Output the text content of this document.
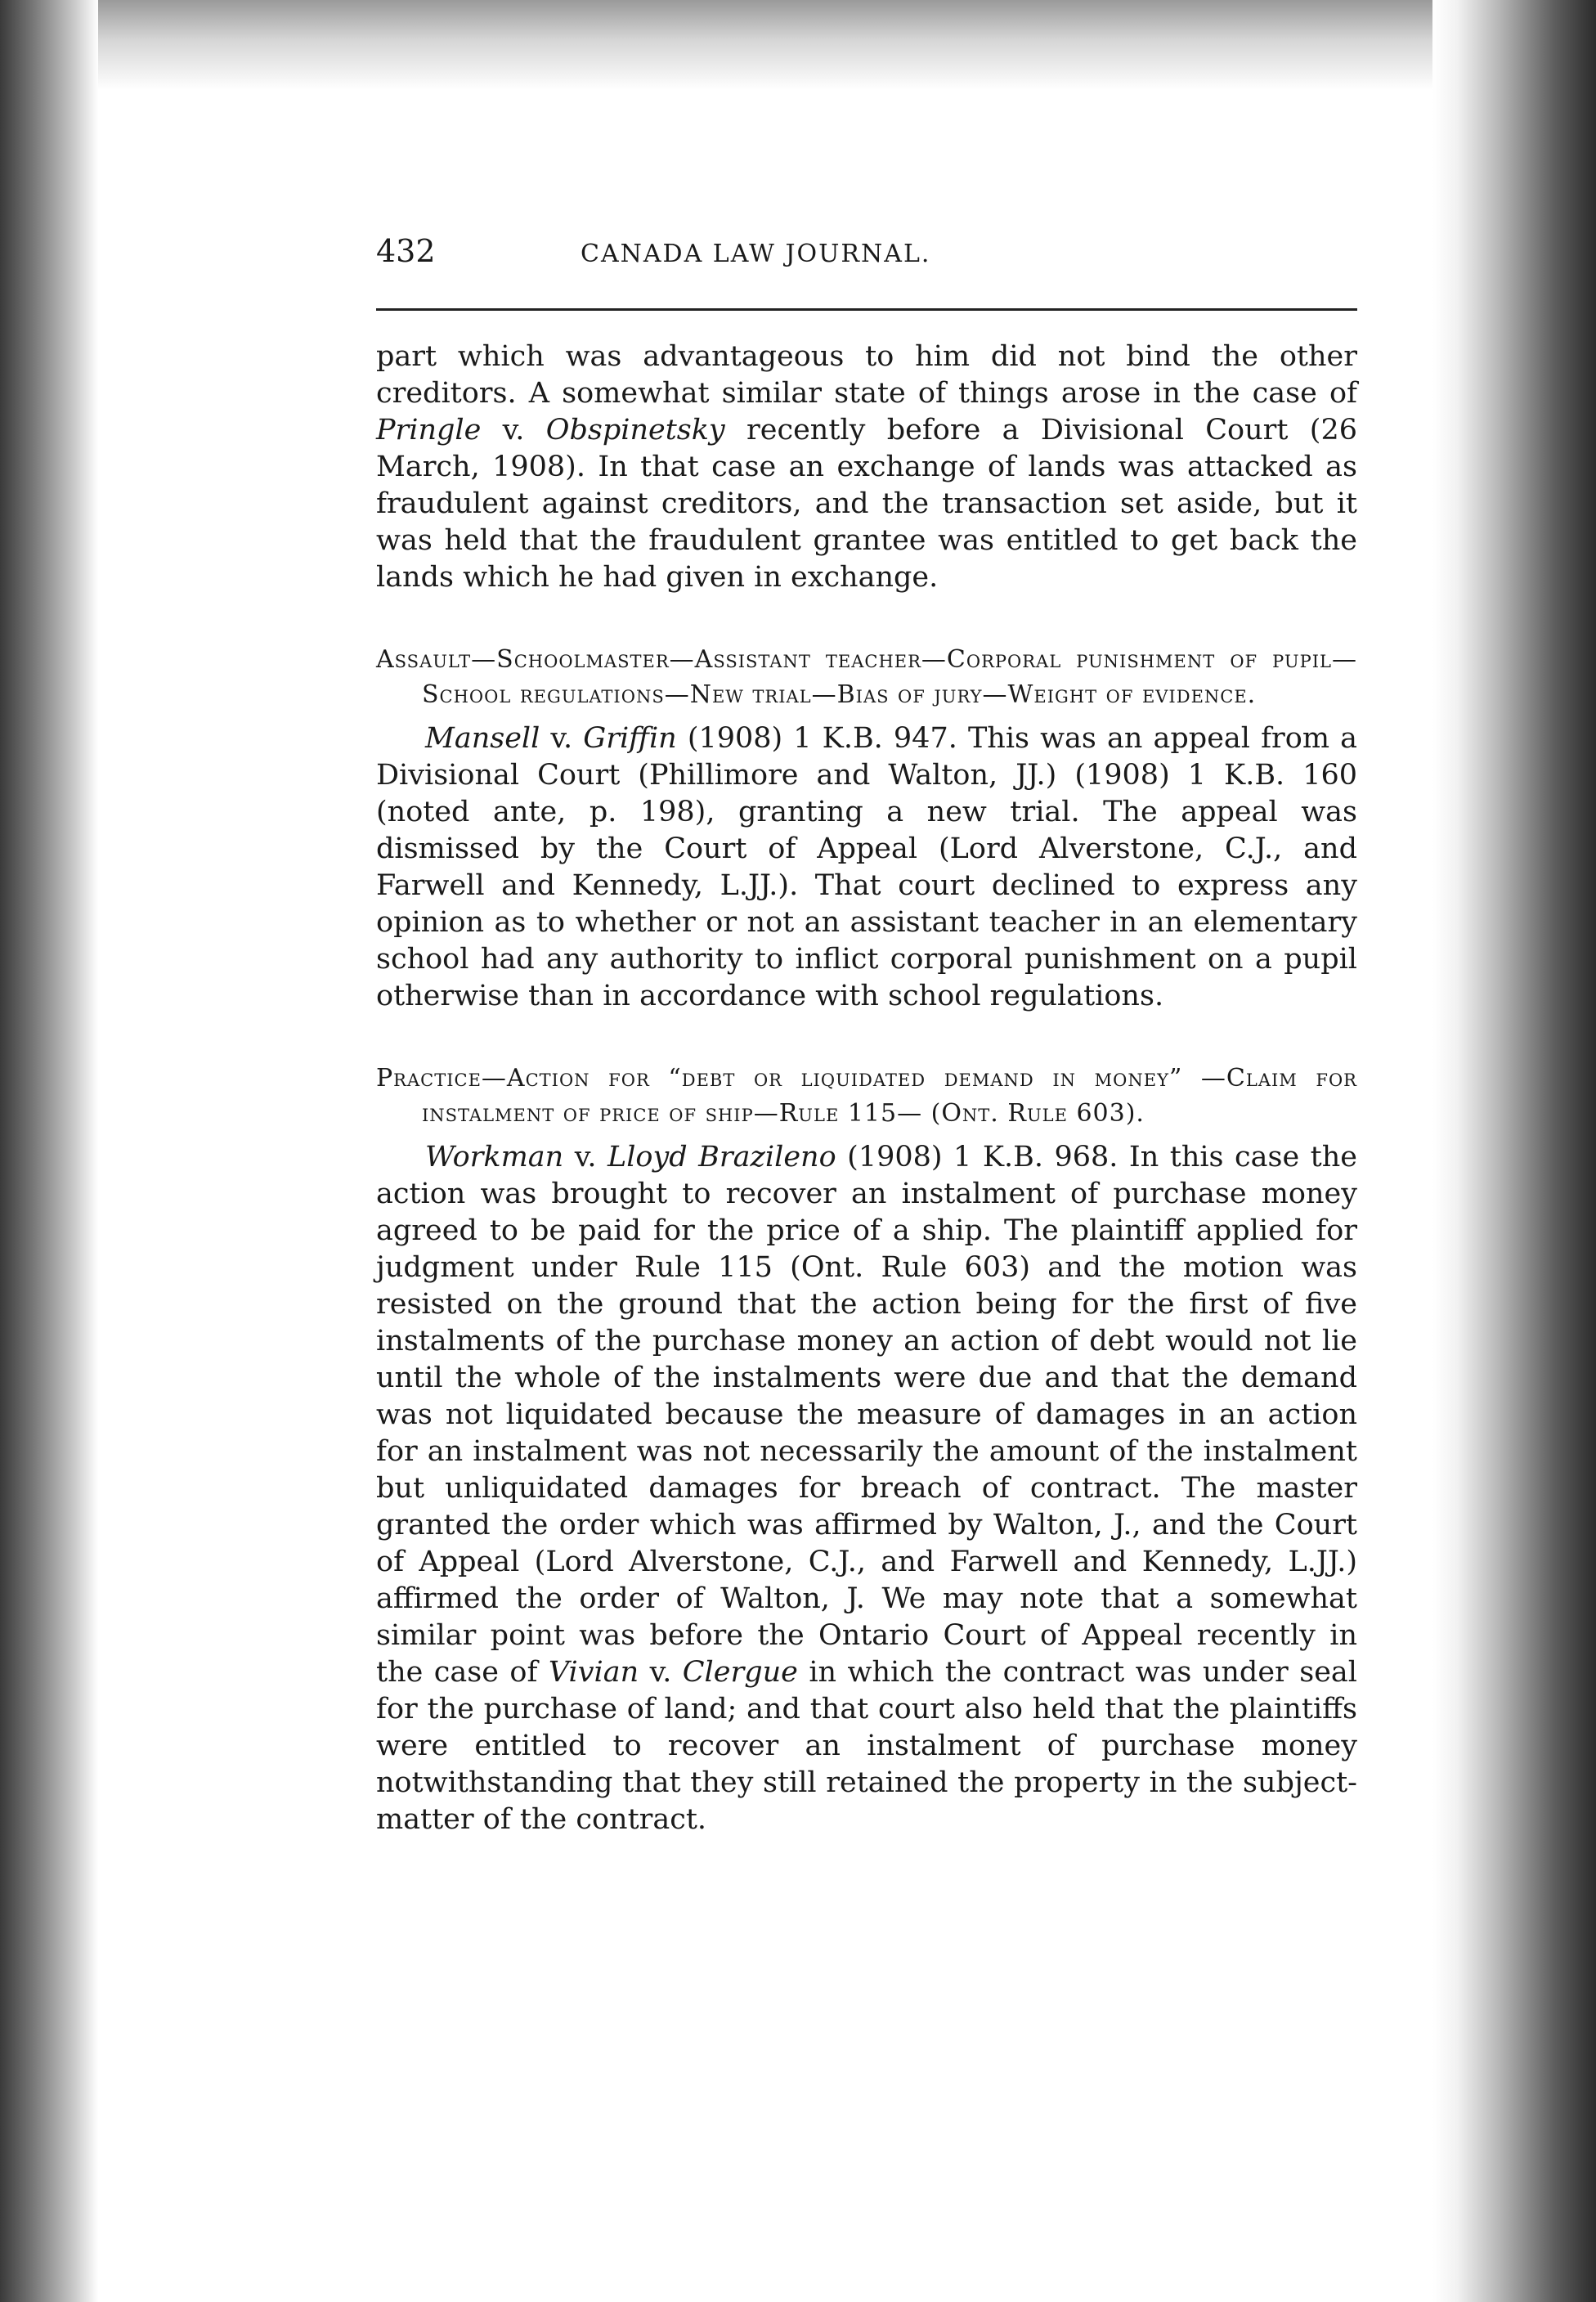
432	CANADA LAW JOURNAL.

part which was advantageous to him did not bind the other creditors. A somewhat similar state of things arose in the case of Pringle v. Obspinetsky recently before a Divisional Court (26 March, 1908). In that case an exchange of lands was attacked as fraudulent against creditors, and the transaction set aside, but it was held that the fraudulent grantee was entitled to get back the lands which he had given in exchange.

Assault—Schoolmaster—Assistant teacher—Corporal punishment of pupil—School regulations—New trial—Bias of jury—Weight of evidence.

Mansell v. Griffin (1908) 1 K.B. 947. This was an appeal from a Divisional Court (Phillimore and Walton, JJ.) (1908) 1 K.B. 160 (noted ante, p. 198), granting a new trial. The appeal was dismissed by the Court of Appeal (Lord Alverstone, C.J., and Farwell and Kennedy, L.JJ.). That court declined to express any opinion as to whether or not an assistant teacher in an elementary school had any authority to inflict corporal punishment on a pupil otherwise than in accordance with school regulations.

Practice—Action for “debt or liquidated demand in money” —Claim for instalment of price of ship—Rule 115— (Ont. Rule 603).

Workman v. Lloyd Brazileno (1908) 1 K.B. 968. In this case the action was brought to recover an instalment of purchase money agreed to be paid for the price of a ship. The plaintiff applied for judgment under Rule 115 (Ont. Rule 603) and the motion was resisted on the ground that the action being for the first of five instalments of the purchase money an action of debt would not lie until the whole of the instalments were due and that the demand was not liquidated because the measure of damages in an action for an instalment was not necessarily the amount of the instalment but unliquidated damages for breach of contract. The master granted the order which was affirmed by Walton, J., and the Court of Appeal (Lord Alverstone, C.J., and Farwell and Kennedy, L.JJ.) affirmed the order of Walton, J. We may note that a somewhat similar point was before the Ontario Court of Appeal recently in the case of Vivian v. Clergue in which the contract was under seal for the purchase of land; and that court also held that the plaintiffs were entitled to recover an instalment of purchase money notwithstanding that they still retained the property in the subject-matter of the contract.
